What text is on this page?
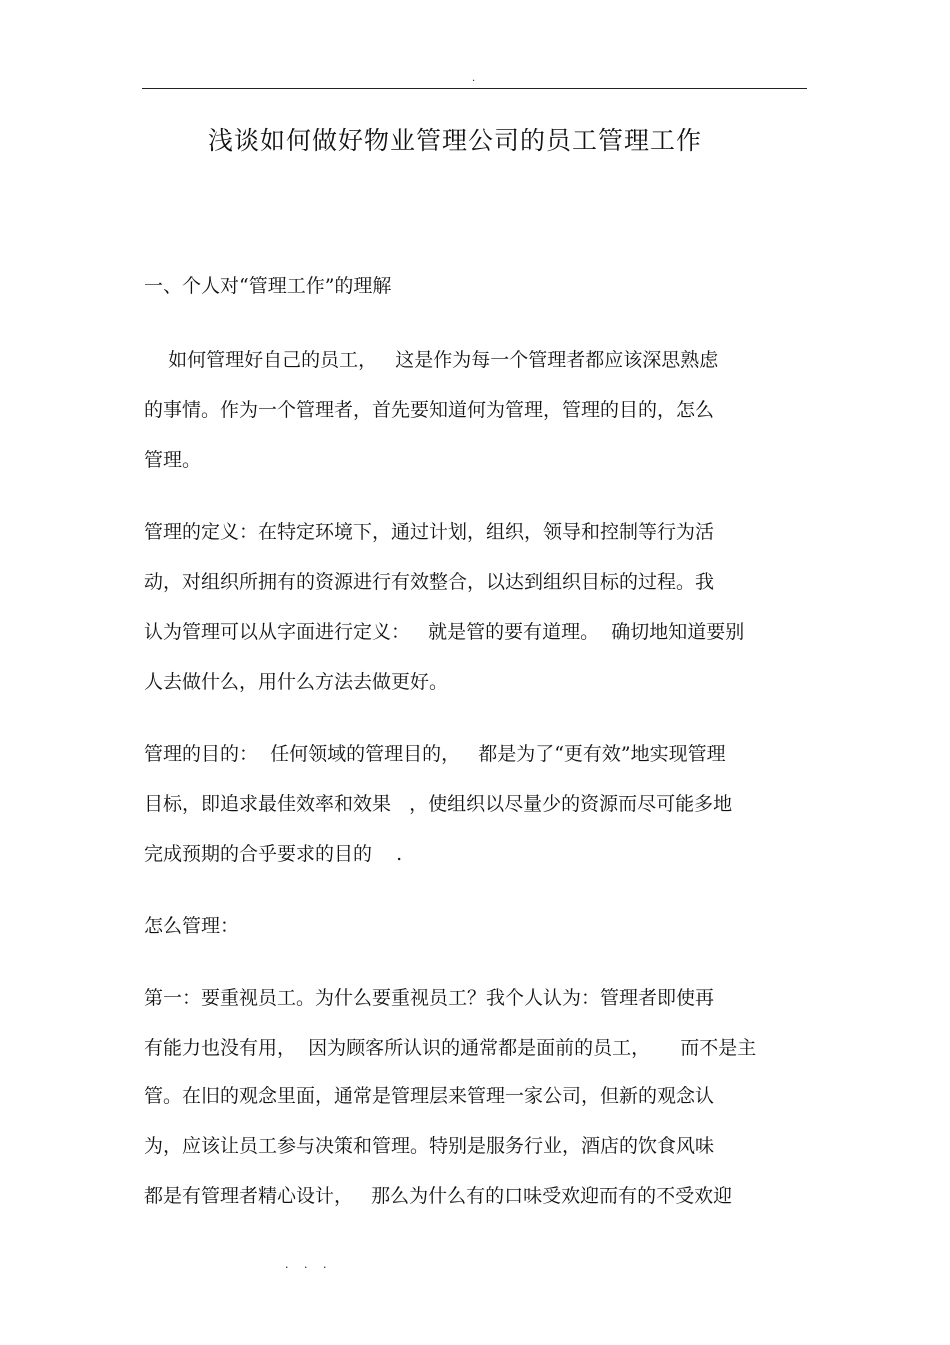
.
浅谈如何做好物业管理公司的员工管理工作
一、个人对“管理工作”的理解
如何管理好自己的员工，   这是作为每一个管理者都应该深思熟虑
的事情。作为一个管理者，首先要知道何为管理，管理的目的，怎么
管理。
管理的定义：在特定环境下，通过计划，组织，领导和控制等行为活
动，对组织所拥有的资源进行有效整合，以达到组织目标的过程。我
认为管理可以从字面进行定义：   就是管的要有道理。  确切地知道要别
人去做什么，用什么方法去做更好。
管理的目的：  任何领域的管理目的，   都是为了“更有效”地实现管理
目标，即追求最佳效率和效果   ，使组织以尽量少的资源而尽可能多地
完成预期的合乎要求的目的    .
怎么管理：
第一：要重视员工。为什么要重视员工？我个人认为：管理者即使再
有能力也没有用，  因为顾客所认识的通常都是面前的员工，     而不是主
管。在旧的观念里面，通常是管理层来管理一家公司，但新的观念认
为，应该让员工参与决策和管理。特别是服务行业，酒店的饮食风味
都是有管理者精心设计，   那么为什么有的口味受欢迎而有的不受欢迎
. . .
